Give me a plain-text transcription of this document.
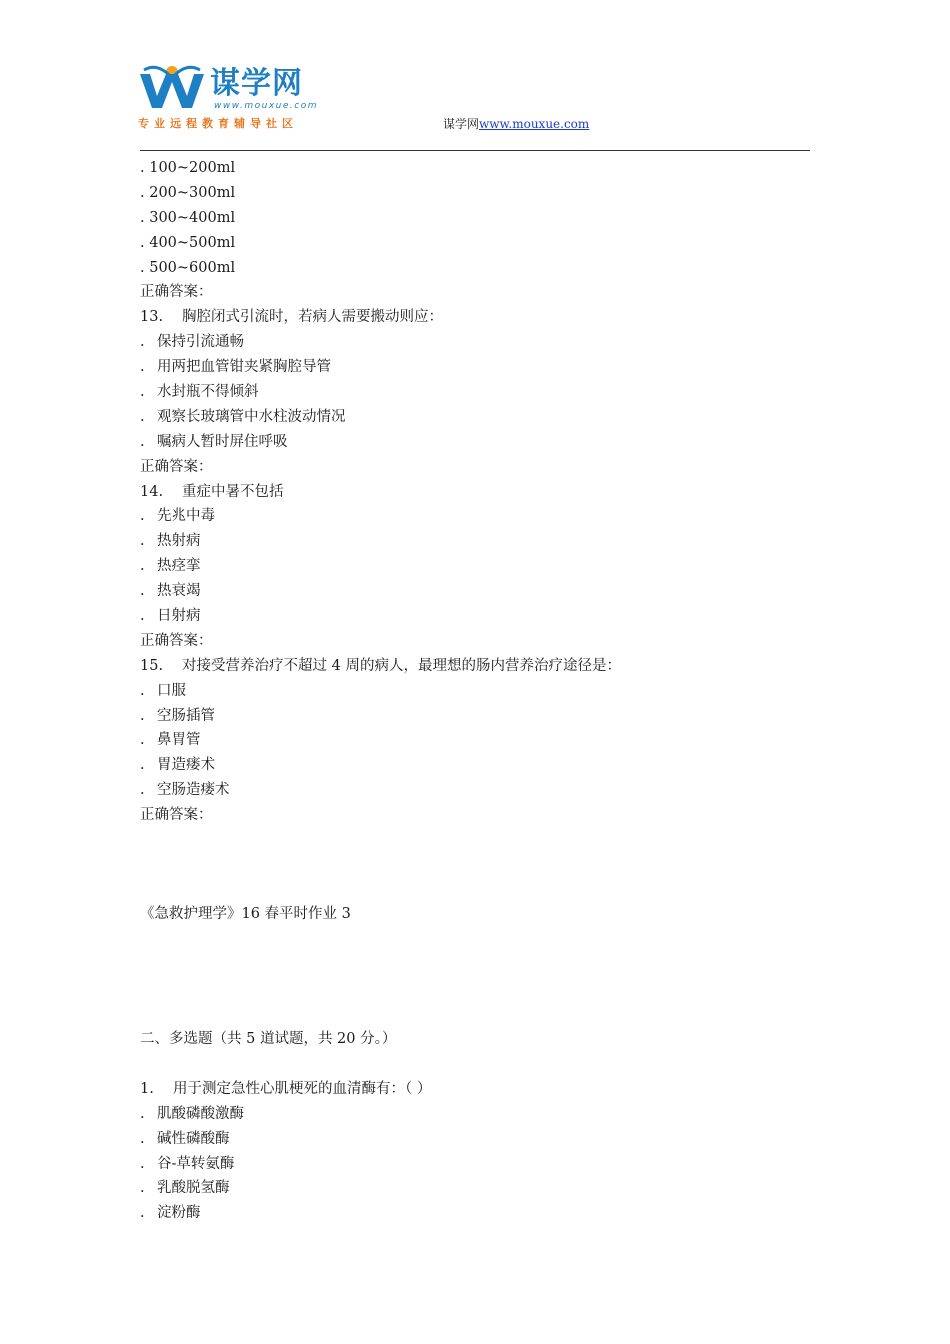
谋学网
www.mouxue.com
专业远程教育辅导社区	谋学网www.mouxue.com
. 100~200ml
. 200~300ml
. 300~400ml
. 400~500ml
. 500~600ml
正确答案：
13. 胸腔闭式引流时，若病人需要搬动则应：
. 保持引流通畅
. 用两把血管钳夹紧胸腔导管
. 水封瓶不得倾斜
. 观察长玻璃管中水柱波动情况
. 嘱病人暂时屏住呼吸
正确答案：
14. 重症中暑不包括
. 先兆中毒
. 热射病
. 热痉挛
. 热衰竭
. 日射病
正确答案：
15. 对接受营养治疗不超过 4 周的病人，最理想的肠内营养治疗途径是：
. 口服
. 空肠插管
. 鼻胃管
. 胃造瘘术
. 空肠造瘘术
正确答案：
《急救护理学》16 春平时作业 3
二、多选题（共 5 道试题，共 20 分。）
1. 用于测定急性心肌梗死的血清酶有：（ ）
. 肌酸磷酸激酶
. 碱性磷酸酶
. 谷-草转氨酶
. 乳酸脱氢酶
. 淀粉酶
